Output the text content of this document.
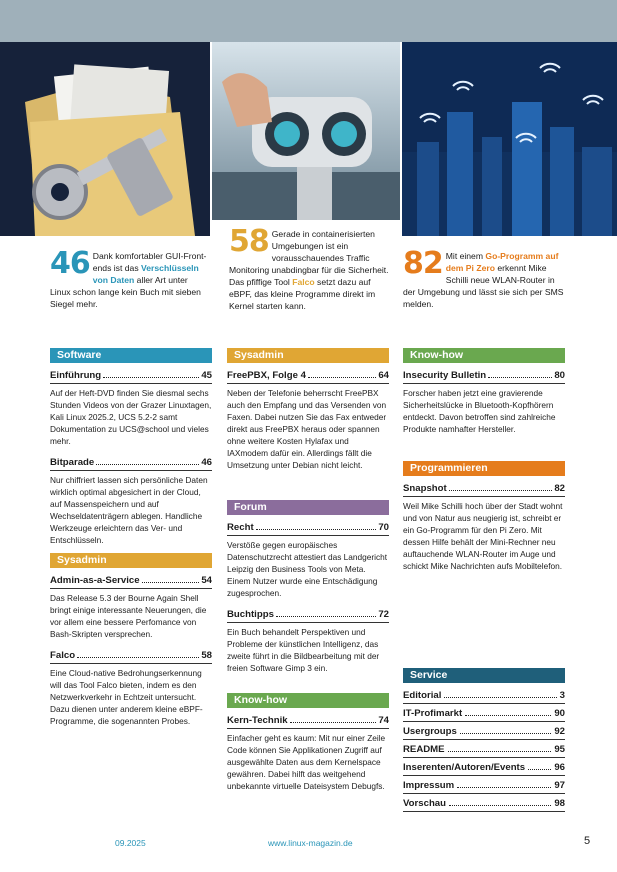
46 Dank komfortabler GUI-Front-ends ist das Verschlüsseln von Daten aller Art unter Linux schon lange kein Buch mit sieben Siegel mehr.
58 Gerade in containerisierten Umgebungen ist ein vorausschauendes Traffic Monitoring unabdingbar für die Sicherheit. Das pfiffige Tool Falco setzt dazu auf eBPF, das kleine Programme direkt im Kernel starten kann.
82 Mit einem Go-Programm auf dem Pi Zero erkennt Mike Schilli neue WLAN-Router in der Umgebung und lässt sie sich per SMS melden.
Software
Einführung	45
Auf der Heft-DVD finden Sie diesmal sechs Stunden Videos von der Grazer Linuxtagen, Kali Linux 2025.2, UCS 5.2-2 samt Dokumentation zu UCS@school und vieles mehr.
Bitparade	46
Nur chiffriert lassen sich persönliche Daten wirklich optimal abgesichert in der Cloud, auf Massenspeichern und auf Wechseldatenträgern ablegen. Handliche Werkzeuge erleichtern das Ver- und Entschlüsseln.
Sysadmin
Admin-as-a-Service	54
Das Release 5.3 der Bourne Again Shell bringt einige interessante Neuerungen, die vor allem eine bessere Perfomance von Bash-Skripten versprechen.
Falco	58
Eine Cloud-native Bedrohungserkennung will das Tool Falco bieten, indem es den Netzwerkverkehr in Echtzeit untersucht. Dazu dienen unter anderem kleine eBPF-Programme, die sogenannten Probes.
Sysadmin
FreePBX, Folge 4	64
Neben der Telefonie beherrscht FreePBX auch den Empfang und das Versenden von Faxen. Dabei nutzen Sie das Fax entweder direkt aus FreePBX heraus oder spannen ohne weitere Kosten Hylafax und IAXmodem dafür ein. Allerdings fällt die Umsetzung unter Debian nicht leicht.
Forum
Recht	70
Verstöße gegen europäisches Datenschutzrecht attestiert das Landgericht Leipzig den Business Tools von Meta. Einem Nutzer wurde eine Entschädigung zugesprochen.
Buchtipps	72
Ein Buch behandelt Perspektiven und Probleme der künstlichen Intelligenz, das zweite führt in die Bildbearbeitung mit der freien Software Gimp 3 ein.
Know-how
Kern-Technik	74
Einfacher geht es kaum: Mit nur einer Zeile Code können Sie Applikationen Zugriff auf ausgewählte Daten aus dem Kernelspace gewähren. Dabei hilft das weitgehend unbekannte virtuelle Dateisystem Debugfs.
Know-how
Insecurity Bulletin	80
Forscher haben jetzt eine gravierende Sicherheitslücke in Bluetooth-Kopfhörern entdeckt. Davon betroffen sind zahlreiche Produkte namhafter Hersteller.
Programmieren
Snapshot	82
Weil Mike Schilli hoch über der Stadt wohnt und von Natur aus neugierig ist, schreibt er ein Go-Programm für den Pi Zero. Mit dessen Hilfe behält der Mini-Rechner neu auftauchende WLAN-Router im Auge und schickt Mike Nachrichten aufs Mobiltelefon.
Service
Editorial	3
IT-Profimarkt	90
Usergroups	92
README	95
Inserenten/Autoren/Events	96
Impressum	97
Vorschau	98
09.2025	www.linux-magazin.de	5
